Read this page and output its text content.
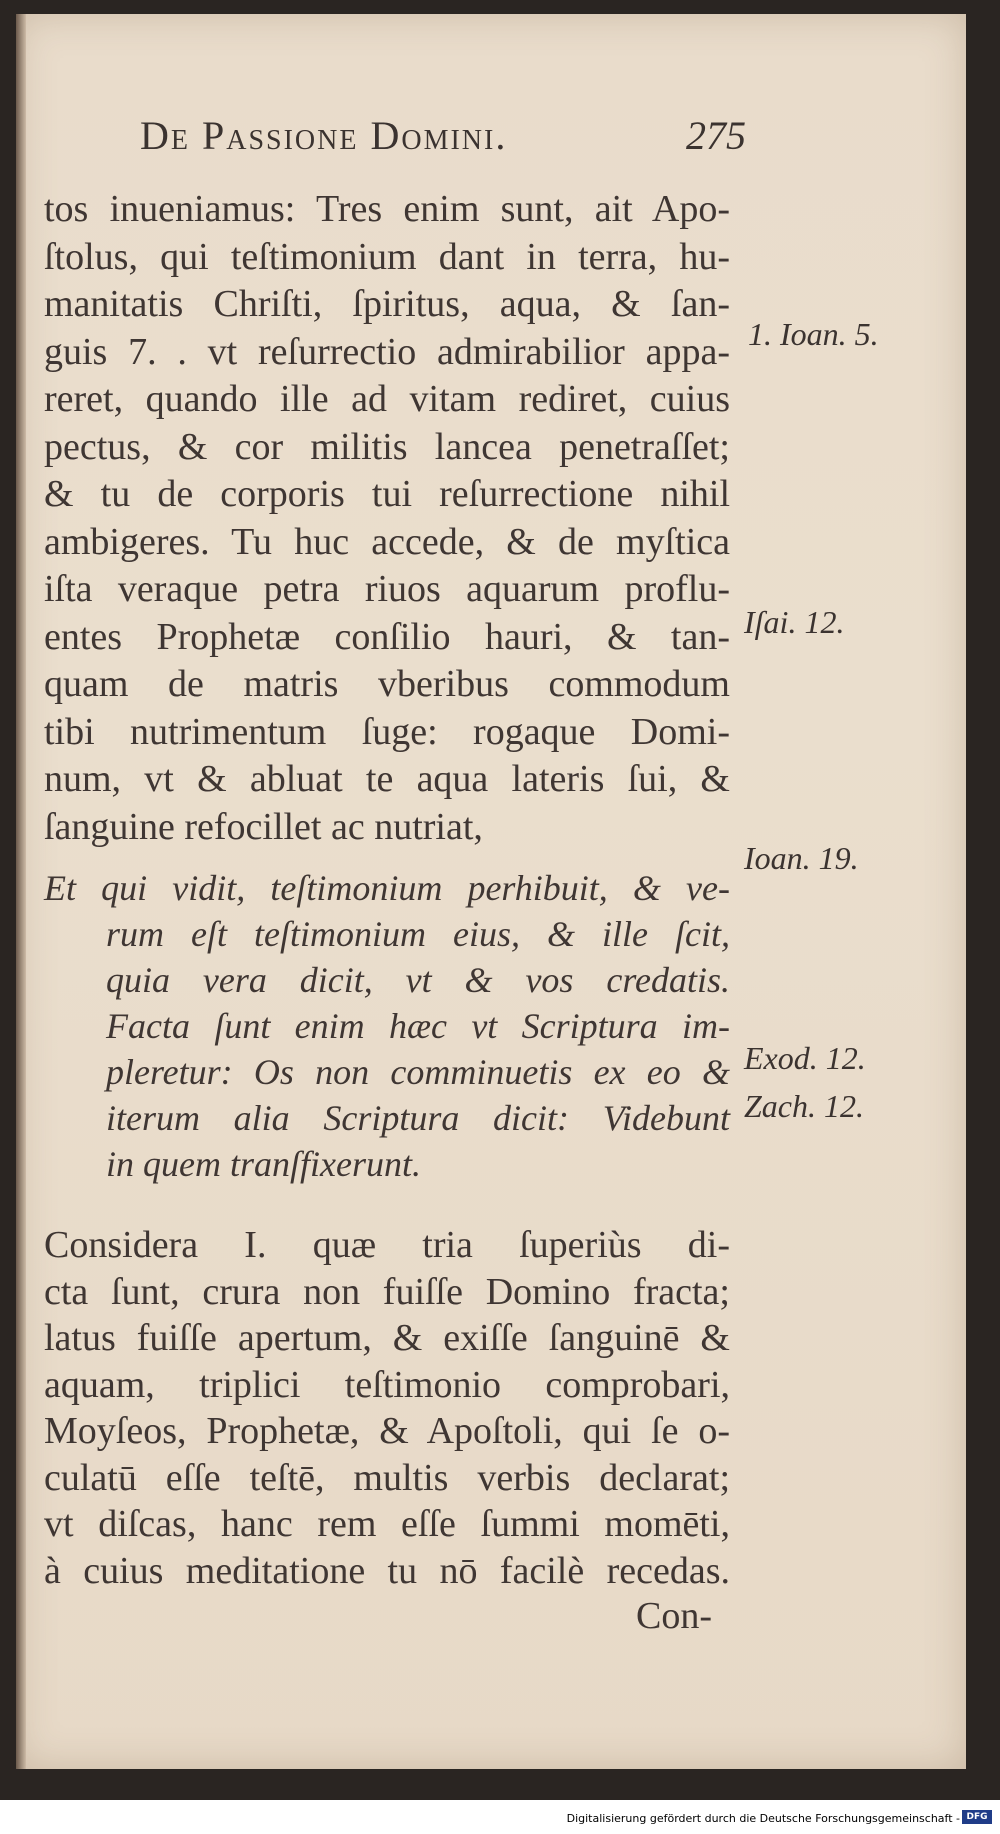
De Passione Domini.	275
tos inueniamus: Tres enim sunt, ait Apo-
ſtolus, qui teſtimonium dant in terra, hu-
manitatis Chriſti, ſpiritus, aqua, & ſan-
guis 7. . vt reſurrectio admirabilior appa-
reret, quando ille ad vitam rediret, cuius
pectus, & cor militis lancea penetraſſet;
& tu de corporis tui reſurrectione nihil
ambigeres. Tu huc accede, & de myſtica
iſta veraque petra riuos aquarum proflu-
entes Prophetæ conſilio hauri, & tan-
quam de matris vberibus commodum
tibi nutrimentum ſuge: rogaque Domi-
num, vt & abluat te aqua lateris ſui, &
ſanguine refocillet ac nutriat,
Et qui vidit, teſtimonium perhibuit, & ve-
rum eſt teſtimonium eius, & ille ſcit,
quia vera dicit, vt & vos credatis.
Facta ſunt enim hæc vt Scriptura im-
pleretur: Os non comminuetis ex eo &
iterum alia Scriptura dicit: Videbunt
in quem tranſfixerunt.
Considera I. quæ tria ſuperiùs di-
cta ſunt, crura non fuiſſe Domino fracta;
latus fuiſſe apertum, & exiſſe ſanguinē &
aquam, triplici teſtimonio comprobari,
Moyſeos, Prophetæ, & Apoſtoli, qui ſe o-
culatū eſſe teſtē, multis verbis declarat;
vt diſcas, hanc rem eſſe ſummi momēti,
à cuius meditatione tu nō facilè recedas.
Con-
1. Ioan. 5.
Iſai. 12.
Ioan. 19.
Exod. 12.
Zach. 12.
Digitalisierung gefördert durch die Deutsche Forschungsgemeinschaft - DFG
